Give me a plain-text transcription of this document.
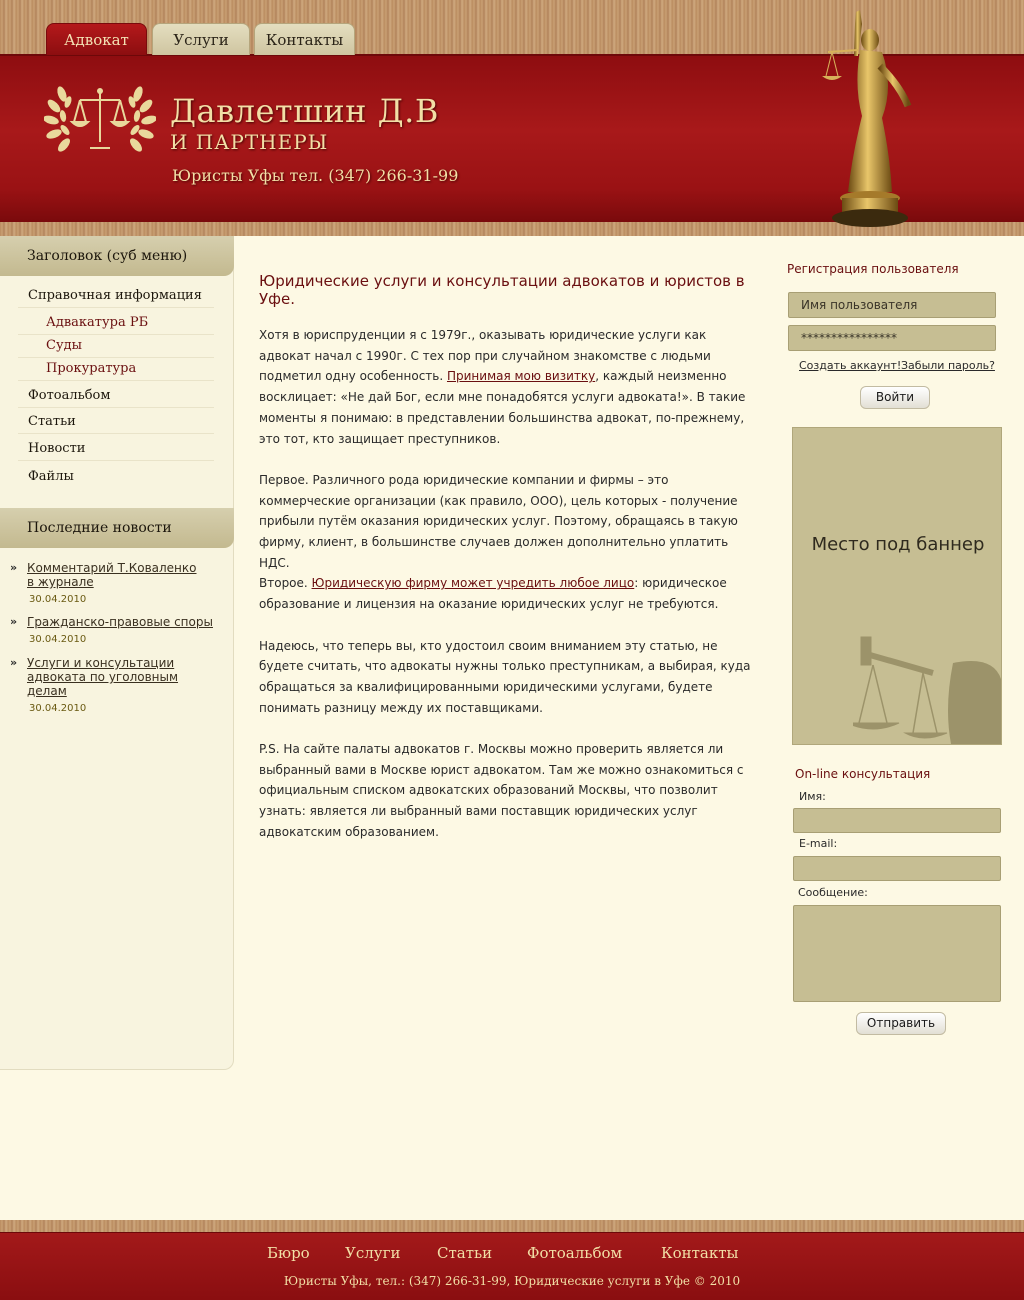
Адвокат	Услуги	Контакты
Давлетшин Д.В
И ПАРТНЕРЫ
Юристы Уфы тел. (347) 266-31-99
Заголовок (суб меню)
Справочная информация
Адвакатура РБ
Суды
Прокуратура
Фотоальбом
Статьи
Новости
Файлы
Последние новости
» Комментарий Т.Коваленко в журнале
30.04.2010
» Гражданско-правовые споры
30.04.2010
» Услуги и консультации адвоката по уголовным делам
30.04.2010
Юридические услуги и консультации адвокатов и юристов в Уфе.

Хотя в юриспруденции я с 1979г., оказывать юридические услуги как адвокат начал с 1990г. С тех пор при случайном знакомстве с людьми подметил одну особенность. Принимая мою визитку, каждый неизменно восклицает: «Не дай Бог, если мне понадобятся услуги адвоката!». В такие моменты я понимаю: в представлении большинства адвокат, по-прежнему, это тот, кто защищает преступников.

Первое. Различного рода юридические компании и фирмы – это коммерческие организации (как правило, ООО), цель которых - получение прибыли путём оказания юридических услуг. Поэтому, обращаясь в такую фирму, клиент, в большинстве случаев должен дополнительно уплатить НДС.
Второе. Юридическую фирму может учредить любое лицо: юридическое образование и лицензия на оказание юридических услуг не требуются.

Надеюсь, что теперь вы, кто удостоил своим вниманием эту статью, не будете считать, что адвокаты нужны только преступникам, а выбирая, куда обращаться за квалифицированными юридическими услугами, будете понимать разницу между их поставщиками.

P.S. На сайте палаты адвокатов г. Москвы можно проверить является ли выбранный вами в Москве юрист адвокатом. Там же можно ознакомиться с официальным списком адвокатских образований Москвы, что позволит узнать: является ли выбранный вами поставщик юридических услуг адвокатским образованием.

Регистрация пользователя
Имя пользователя
****************
Создать аккаунт! Забыли пароль?
Войти
Место под баннер
On-line консультация
Имя:
E-mail:
Сообщение:
Отправить
Бюро Услуги Статьи Фотоальбом	Контакты
Юристы Уфы, тел.: (347) 266-31-99, Юридические услуги в Уфе © 2010
